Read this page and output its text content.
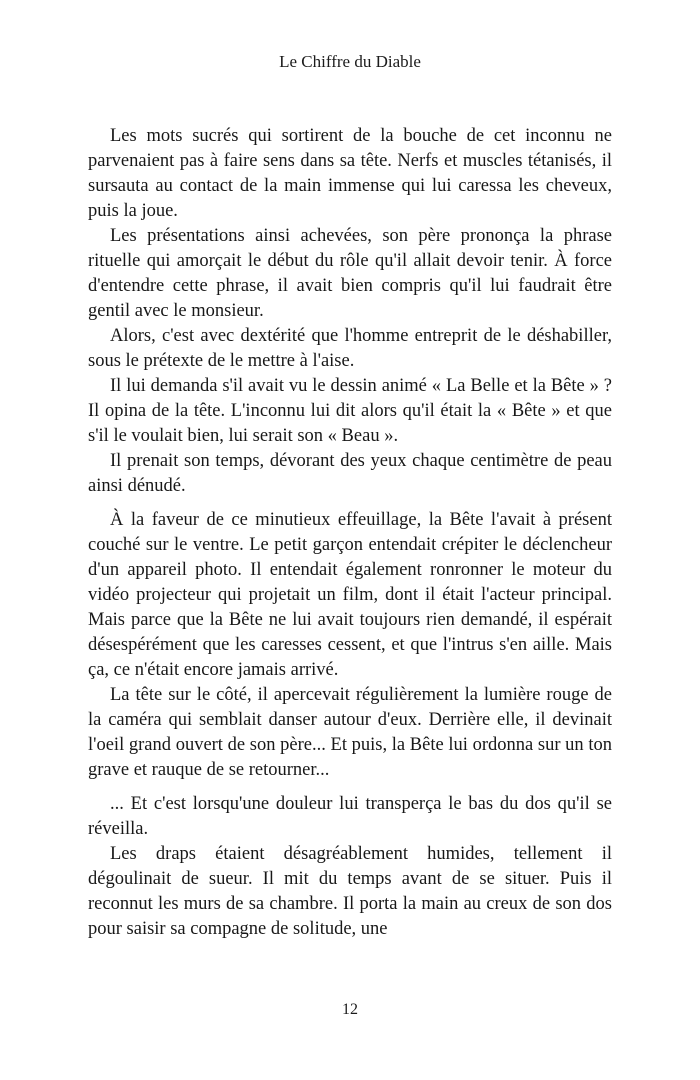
Le Chiffre du Diable

Les mots sucrés qui sortirent de la bouche de cet inconnu ne parvenaient pas à faire sens dans sa tête. Nerfs et muscles tétanisés, il sursauta au contact de la main immense qui lui caressa les cheveux, puis la joue.

Les présentations ainsi achevées, son père prononça la phrase rituelle qui amorçait le début du rôle qu'il allait devoir tenir. À force d'entendre cette phrase, il avait bien compris qu'il lui faudrait être gentil avec le monsieur.

Alors, c'est avec dextérité que l'homme entreprit de le déshabiller, sous le prétexte de le mettre à l'aise.

Il lui demanda s'il avait vu le dessin animé « La Belle et la Bête » ? Il opina de la tête. L'inconnu lui dit alors qu'il était la « Bête » et que s'il le voulait bien, lui serait son « Beau ».

Il prenait son temps, dévorant des yeux chaque centimètre de peau ainsi dénudé.

À la faveur de ce minutieux effeuillage, la Bête l'avait à présent couché sur le ventre. Le petit garçon entendait crépiter le déclencheur d'un appareil photo. Il entendait également ronronner le moteur du vidéo projecteur qui projetait un film, dont il était l'acteur principal. Mais parce que la Bête ne lui avait toujours rien demandé, il espérait désespérément que les caresses cessent, et que l'intrus s'en aille. Mais ça, ce n'était encore jamais arrivé.

La tête sur le côté, il apercevait régulièrement la lumière rouge de la caméra qui semblait danser autour d'eux. Derrière elle, il devinait l'oeil grand ouvert de son père... Et puis, la Bête lui ordonna sur un ton grave et rauque de se retourner...

... Et c'est lorsqu'une douleur lui transperça le bas du dos qu'il se réveilla.

Les draps étaient désagréablement humides, tellement il dégoulinait de sueur. Il mit du temps avant de se situer. Puis il reconnut les murs de sa chambre. Il porta la main au creux de son dos pour saisir sa compagne de solitude, une

12
